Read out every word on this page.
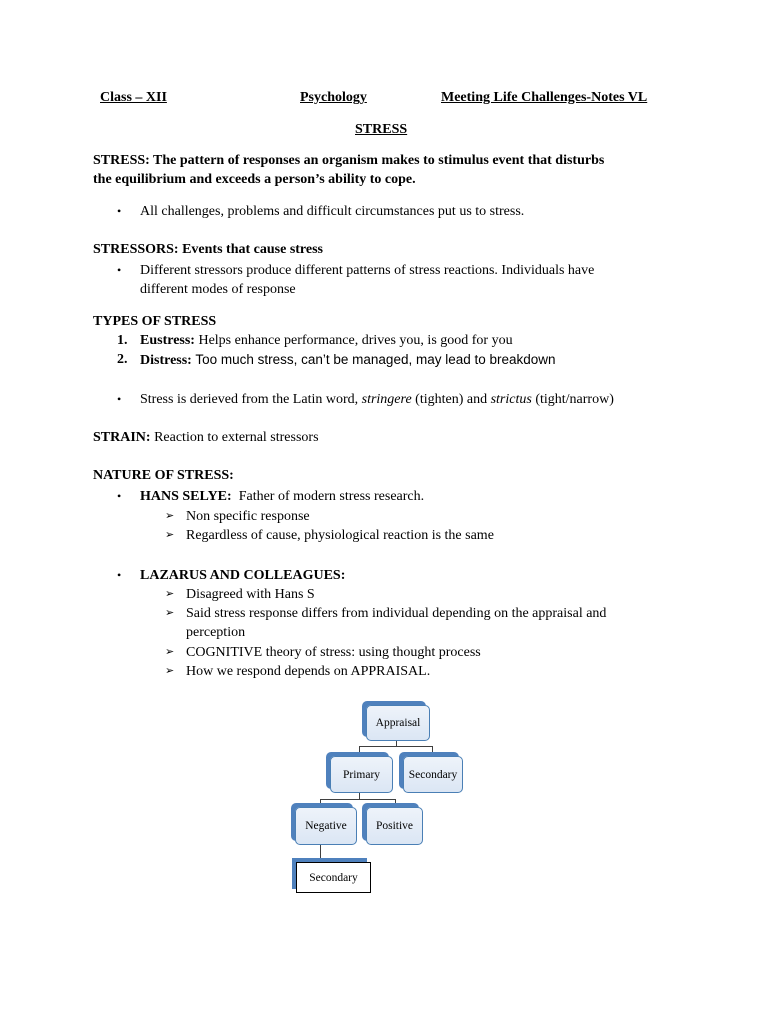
Class – XII	Psychology	Meeting Life Challenges-Notes VL
STRESS
STRESS: The pattern of responses an organism makes to stimulus event that disturbs
the equilibrium and exceeds a person’s ability to cope.
• All challenges, problems and difficult circumstances put us to stress.
STRESSORS: Events that cause stress
• Different stressors produce different patterns of stress reactions. Individuals have
different modes of response
TYPES OF STRESS
1. Eustress: Helps enhance performance, drives you, is good for you
2. Distress: Too much stress, can’t be managed, may lead to breakdown
• Stress is derieved from the Latin word, stringere (tighten) and strictus (tight/narrow)
STRAIN: Reaction to external stressors
NATURE OF STRESS:
• HANS SELYE: Father of modern stress research.
➢ Non specific response
➢ Regardless of cause, physiological reaction is the same
• LAZARUS AND COLLEAGUES:
➢ Disagreed with Hans S
➢ Said stress response differs from individual depending on the appraisal and
perception
➢ COGNITIVE theory of stress: using thought process
➢ How we respond depends on APPRAISAL.
Appraisal
Primary	Secondary
Negative	Positive
Secondary
